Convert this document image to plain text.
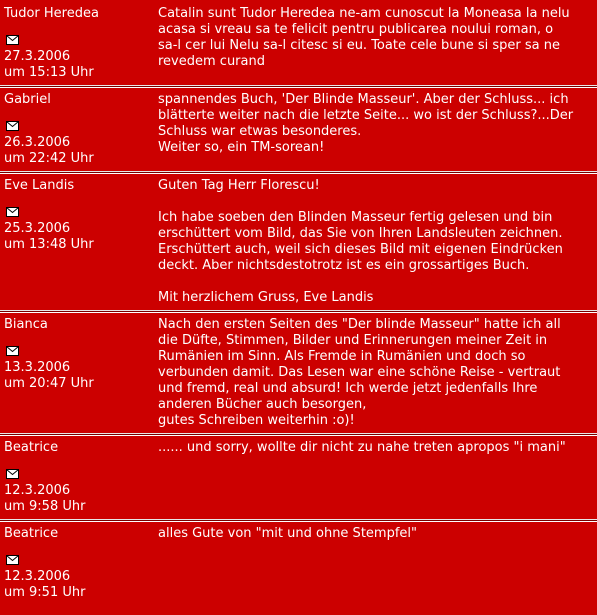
Tudor Heredea
27.3.2006
um 15:13 Uhr
Catalin sunt Tudor Heredea ne-am cunoscut la Moneasa la nelu
acasa si vreau sa te felicit pentru publicarea noului roman, o
sa-l cer lui Nelu sa-l citesc si eu. Toate cele bune si sper sa ne
revedem curand
Gabriel
26.3.2006
um 22:42 Uhr
spannendes Buch, 'Der Blinde Masseur'. Aber der Schluss... ich
blätterte weiter nach die letzte Seite... wo ist der Schluss?...Der
Schluss war etwas besonderes.
Weiter so, ein TM-sorean!
Eve Landis
25.3.2006
um 13:48 Uhr
Guten Tag Herr Florescu!

Ich habe soeben den Blinden Masseur fertig gelesen und bin
erschüttert vom Bild, das Sie von Ihren Landsleuten zeichnen.
Erschüttert auch, weil sich dieses Bild mit eigenen Eindrücken
deckt. Aber nichtsdestotrotz ist es ein grossartiges Buch.

Mit herzlichem Gruss, Eve Landis
Bianca
13.3.2006
um 20:47 Uhr
Nach den ersten Seiten des "Der blinde Masseur" hatte ich all
die Düfte, Stimmen, Bilder und Erinnerungen meiner Zeit in
Rumänien im Sinn. Als Fremde in Rumänien und doch so
verbunden damit. Das Lesen war eine schöne Reise - vertraut
und fremd, real und absurd! Ich werde jetzt jedenfalls Ihre
anderen Bücher auch besorgen,
gutes Schreiben weiterhin :o)!
Beatrice
12.3.2006
um 9:58 Uhr
...... und sorry, wollte dir nicht zu nahe treten apropos "i mani"
Beatrice
12.3.2006
um 9:51 Uhr
alles Gute von "mit und ohne Stempfel"
